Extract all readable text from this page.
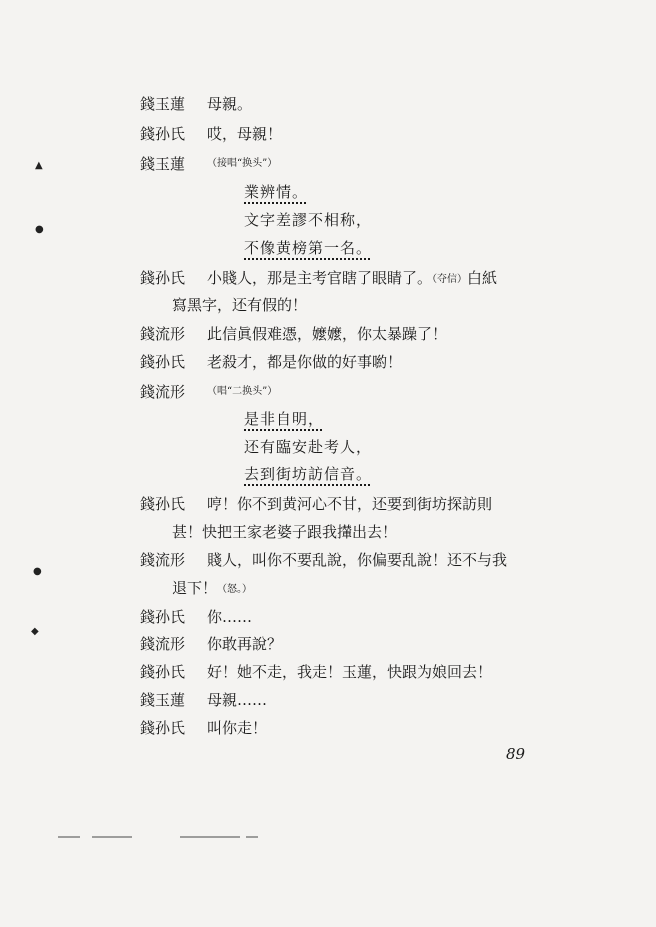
錢玉蓮	母親。
錢孙氏	哎，母親！
錢玉蓮	（接唱“换头”）
業辨情。
文字差謬不相称，
不像黄榜第一名。
錢孙氏	小賤人，那是主考官瞎了眼睛了。（夺信）白紙
寫黑字，还有假的！
錢流形	此信眞假难憑，嬤嬤，你太暴躁了！
錢孙氏	老殺才，都是你做的好事喲！
錢流形	（唱“二换头”）
是非自明，
还有臨安赴考人，
去到街坊訪信音。
錢孙氏	哼！你不到黄河心不甘，还要到街坊探訪則
甚！快把王家老婆子跟我攆出去！
錢流形	賤人，叫你不要乱說，你偏要乱說！还不与我
退下！（怒。）
錢孙氏	你……
錢流形	你敢再說？
錢孙氏	好！她不走，我走！玉蓮，快跟为娘回去！
錢玉蓮	母親……
錢孙氏	叫你走！
89
▲
●
●
◆
